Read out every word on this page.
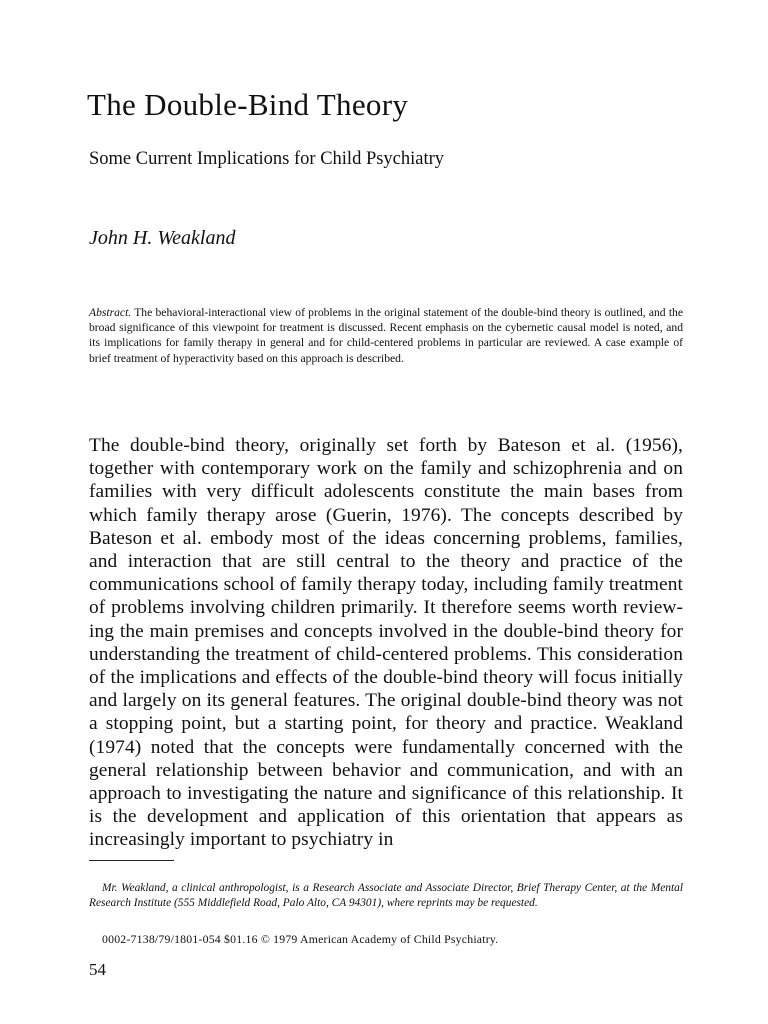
The Double-Bind Theory
Some Current Implications for Child Psychiatry

John H. Weakland

Abstract. The behavioral-interactional view of problems in the original statement of the double-bind theory is outlined, and the broad significance of this viewpoint for treatment is discussed. Recent emphasis on the cybernetic causal model is noted, and its implications for family therapy in general and for child-centered problems in particular are reviewed. A case example of brief treatment of hyperactivity based on this approach is described.

The double-bind theory, originally set forth by Bateson et al. (1956), together with contemporary work on the family and schizophrenia and on families with very difficult adolescents constitute the main bases from which family therapy arose (Guerin, 1976). The concepts described by Bateson et al. embody most of the ideas concerning problems, families, and interaction that are still central to the theory and practice of the communications school of family therapy today, including family treatment of problems involving children primarily. It therefore seems worth reviewing the main premises and concepts involved in the double-bind theory for understanding the treatment of child-centered problems. This consideration of the implications and effects of the double-bind theory will focus initially and largely on its general features. The original double-bind theory was not a stopping point, but a starting point, for theory and practice. Weakland (1974) noted that the concepts were fundamentally concerned with the general relationship between behavior and communication, and with an approach to investigating the nature and significance of this relationship. It is the development and application of this orientation that appears as increasingly important to psychiatry in

Mr. Weakland, a clinical anthropologist, is a Research Associate and Associate Director, Brief Therapy Center, at the Mental Research Institute (555 Middlefield Road, Palo Alto, CA 94301), where reprints may be requested.

0002-7138/79/1801-054 $01.16 © 1979 American Academy of Child Psychiatry.

54
